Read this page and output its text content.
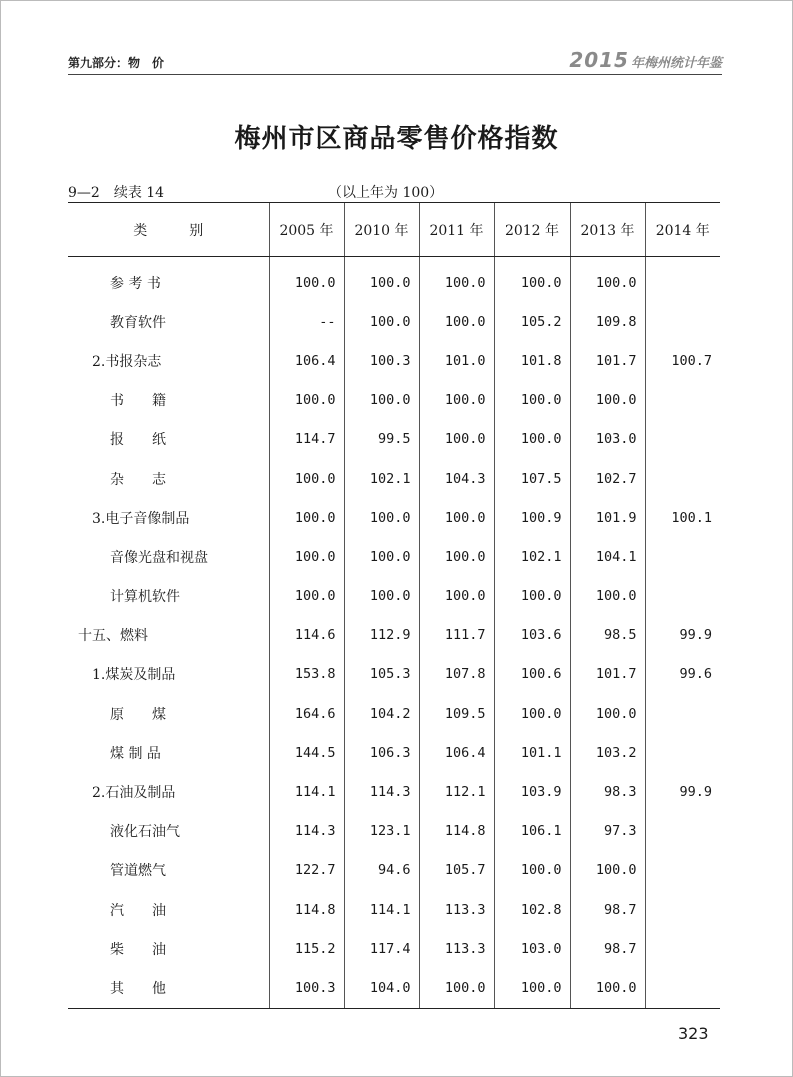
第九部分：物　价	2015 年梅州统计年鉴
梅州市区商品零售价格指数
9—2　续表 14	（以上年为 100）
类　　　别	2005 年	2010 年	2011 年	2012 年	2013 年	2014 年
参 考 书	100.0	100.0	100.0	100.0	100.0	
教育软件	--	100.0	100.0	105.2	109.8	
2.书报杂志	106.4	100.3	101.0	101.8	101.7	100.7
书　　籍	100.0	100.0	100.0	100.0	100.0	
报　　纸	114.7	99.5	100.0	100.0	103.0	
杂　　志	100.0	102.1	104.3	107.5	102.7	
3.电子音像制品	100.0	100.0	100.0	100.9	101.9	100.1
音像光盘和视盘	100.0	100.0	100.0	102.1	104.1	
计算机软件	100.0	100.0	100.0	100.0	100.0	
十五、燃料	114.6	112.9	111.7	103.6	98.5	99.9
1.煤炭及制品	153.8	105.3	107.8	100.6	101.7	99.6
原　　煤	164.6	104.2	109.5	100.0	100.0	
煤 制 品	144.5	106.3	106.4	101.1	103.2	
2.石油及制品	114.1	114.3	112.1	103.9	98.3	99.9
液化石油气	114.3	123.1	114.8	106.1	97.3	
管道燃气	122.7	94.6	105.7	100.0	100.0	
汽　　油	114.8	114.1	113.3	102.8	98.7	
柴　　油	115.2	117.4	113.3	103.0	98.7	
其　　他	100.3	104.0	100.0	100.0	100.0	
323
